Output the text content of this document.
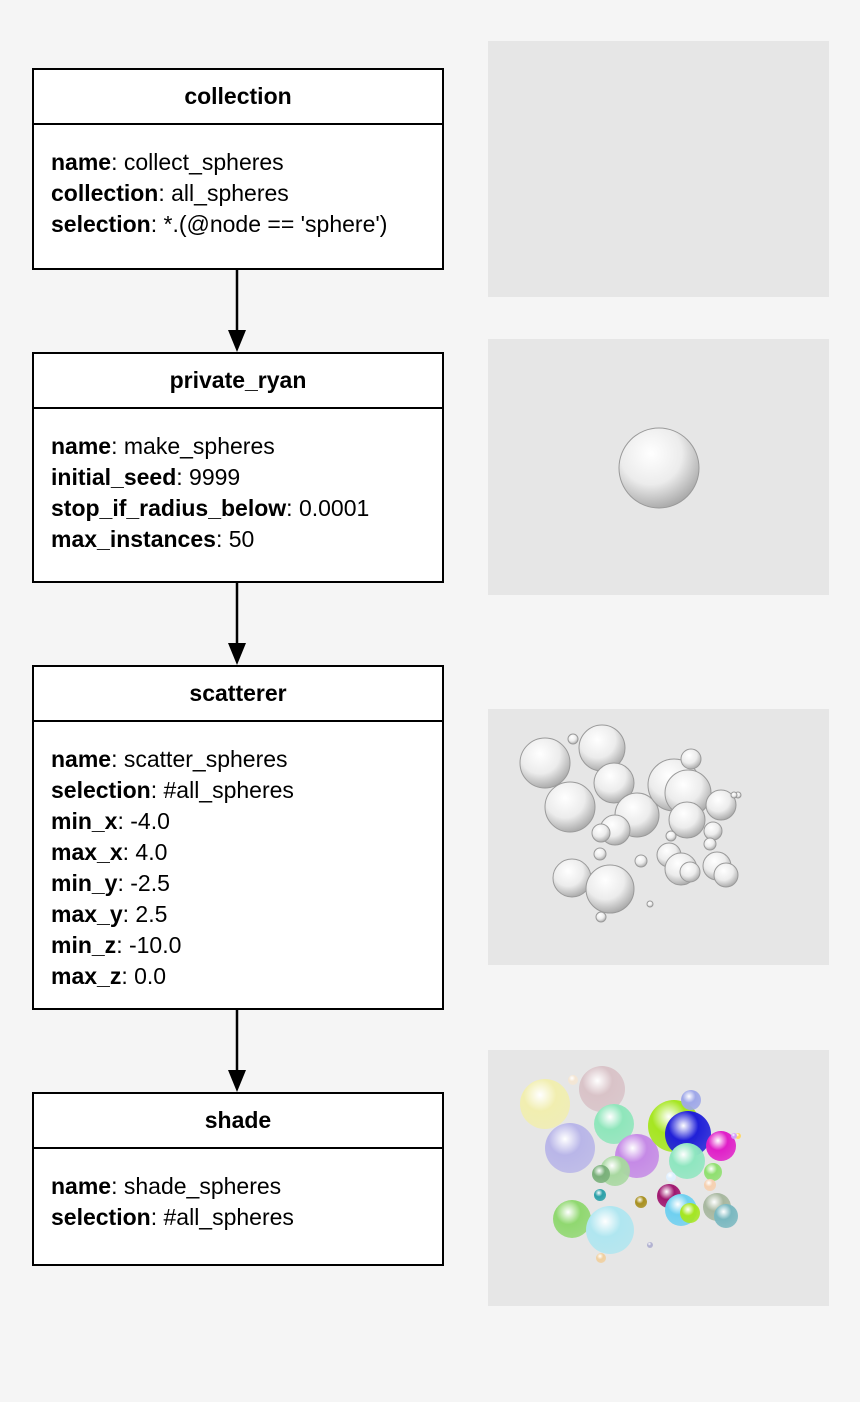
collection
name: collect_spheres
collection: all_spheres
selection: *.(@node == 'sphere')
private_ryan
name: make_spheres
initial_seed: 9999
stop_if_radius_below: 0.0001
max_instances: 50
scatterer
name: scatter_spheres
selection: #all_spheres
min_x: -4.0
max_x: 4.0
min_y: -2.5
max_y: 2.5
min_z: -10.0
max_z: 0.0
shade
name: shade_spheres
selection: #all_spheres
